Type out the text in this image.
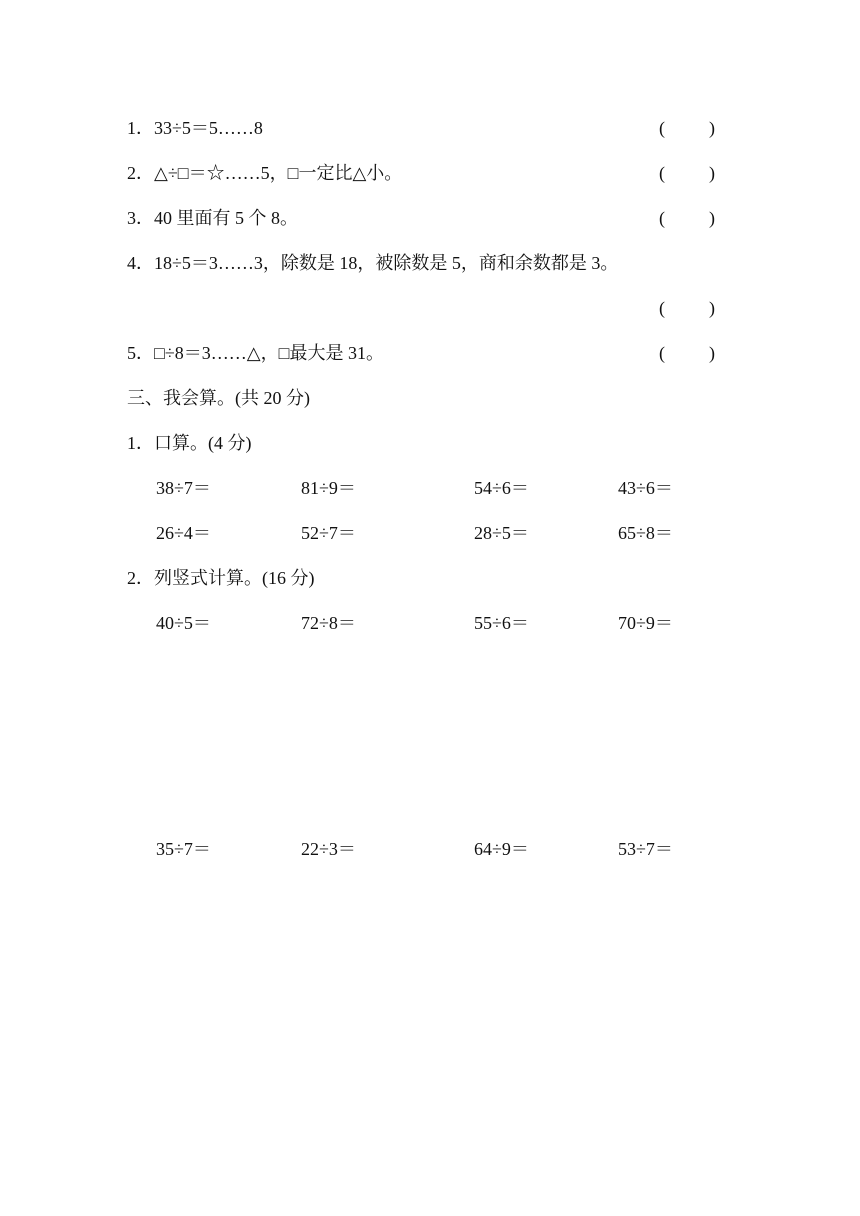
1．33÷5＝5……8	( )
2．△÷□＝☆……5，□一定比△小。	( )
3．40 里面有 5 个 8。	( )
4．18÷5＝3……3，除数是 18，被除数是 5，商和余数都是 3。
( )
5．□÷8＝3……△，□最大是 31。	( )
三、我会算。(共 20 分)
1．口算。(4 分)
38÷7＝	81÷9＝	54÷6＝	43÷6＝
26÷4＝	52÷7＝	28÷5＝	65÷8＝
2．列竖式计算。(16 分)
40÷5＝	72÷8＝	55÷6＝	70÷9＝
35÷7＝	22÷3＝	64÷9＝	53÷7＝
